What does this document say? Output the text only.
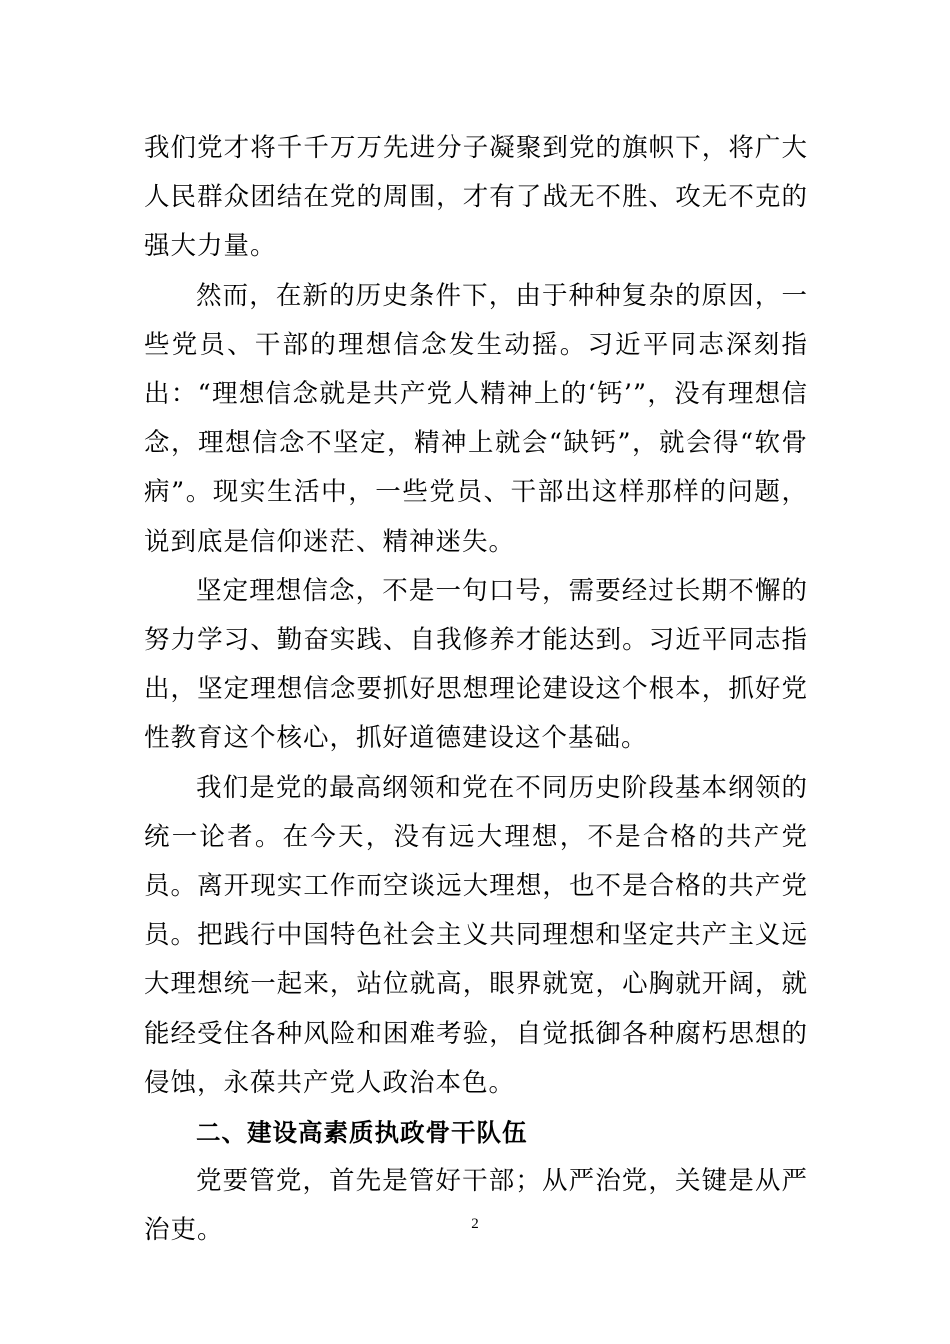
我们党才将千千万万先进分子凝聚到党的旗帜下，将广大人民群众团结在党的周围，才有了战无不胜、攻无不克的强大力量。

然而，在新的历史条件下，由于种种复杂的原因，一些党员、干部的理想信念发生动摇。习近平同志深刻指出：“理想信念就是共产党人精神上的‘钙’”，没有理想信念，理想信念不坚定，精神上就会“缺钙”，就会得“软骨病”。现实生活中，一些党员、干部出这样那样的问题，说到底是信仰迷茫、精神迷失。

坚定理想信念，不是一句口号，需要经过长期不懈的努力学习、勤奋实践、自我修养才能达到。习近平同志指出，坚定理想信念要抓好思想理论建设这个根本，抓好党性教育这个核心，抓好道德建设这个基础。

我们是党的最高纲领和党在不同历史阶段基本纲领的统一论者。在今天，没有远大理想，不是合格的共产党员。离开现实工作而空谈远大理想，也不是合格的共产党员。把践行中国特色社会主义共同理想和坚定共产主义远大理想统一起来，站位就高，眼界就宽，心胸就开阔，就能经受住各种风险和困难考验，自觉抵御各种腐朽思想的侵蚀，永葆共产党人政治本色。

二、建设高素质执政骨干队伍

党要管党，首先是管好干部；从严治党，关键是从严治吏。	2
